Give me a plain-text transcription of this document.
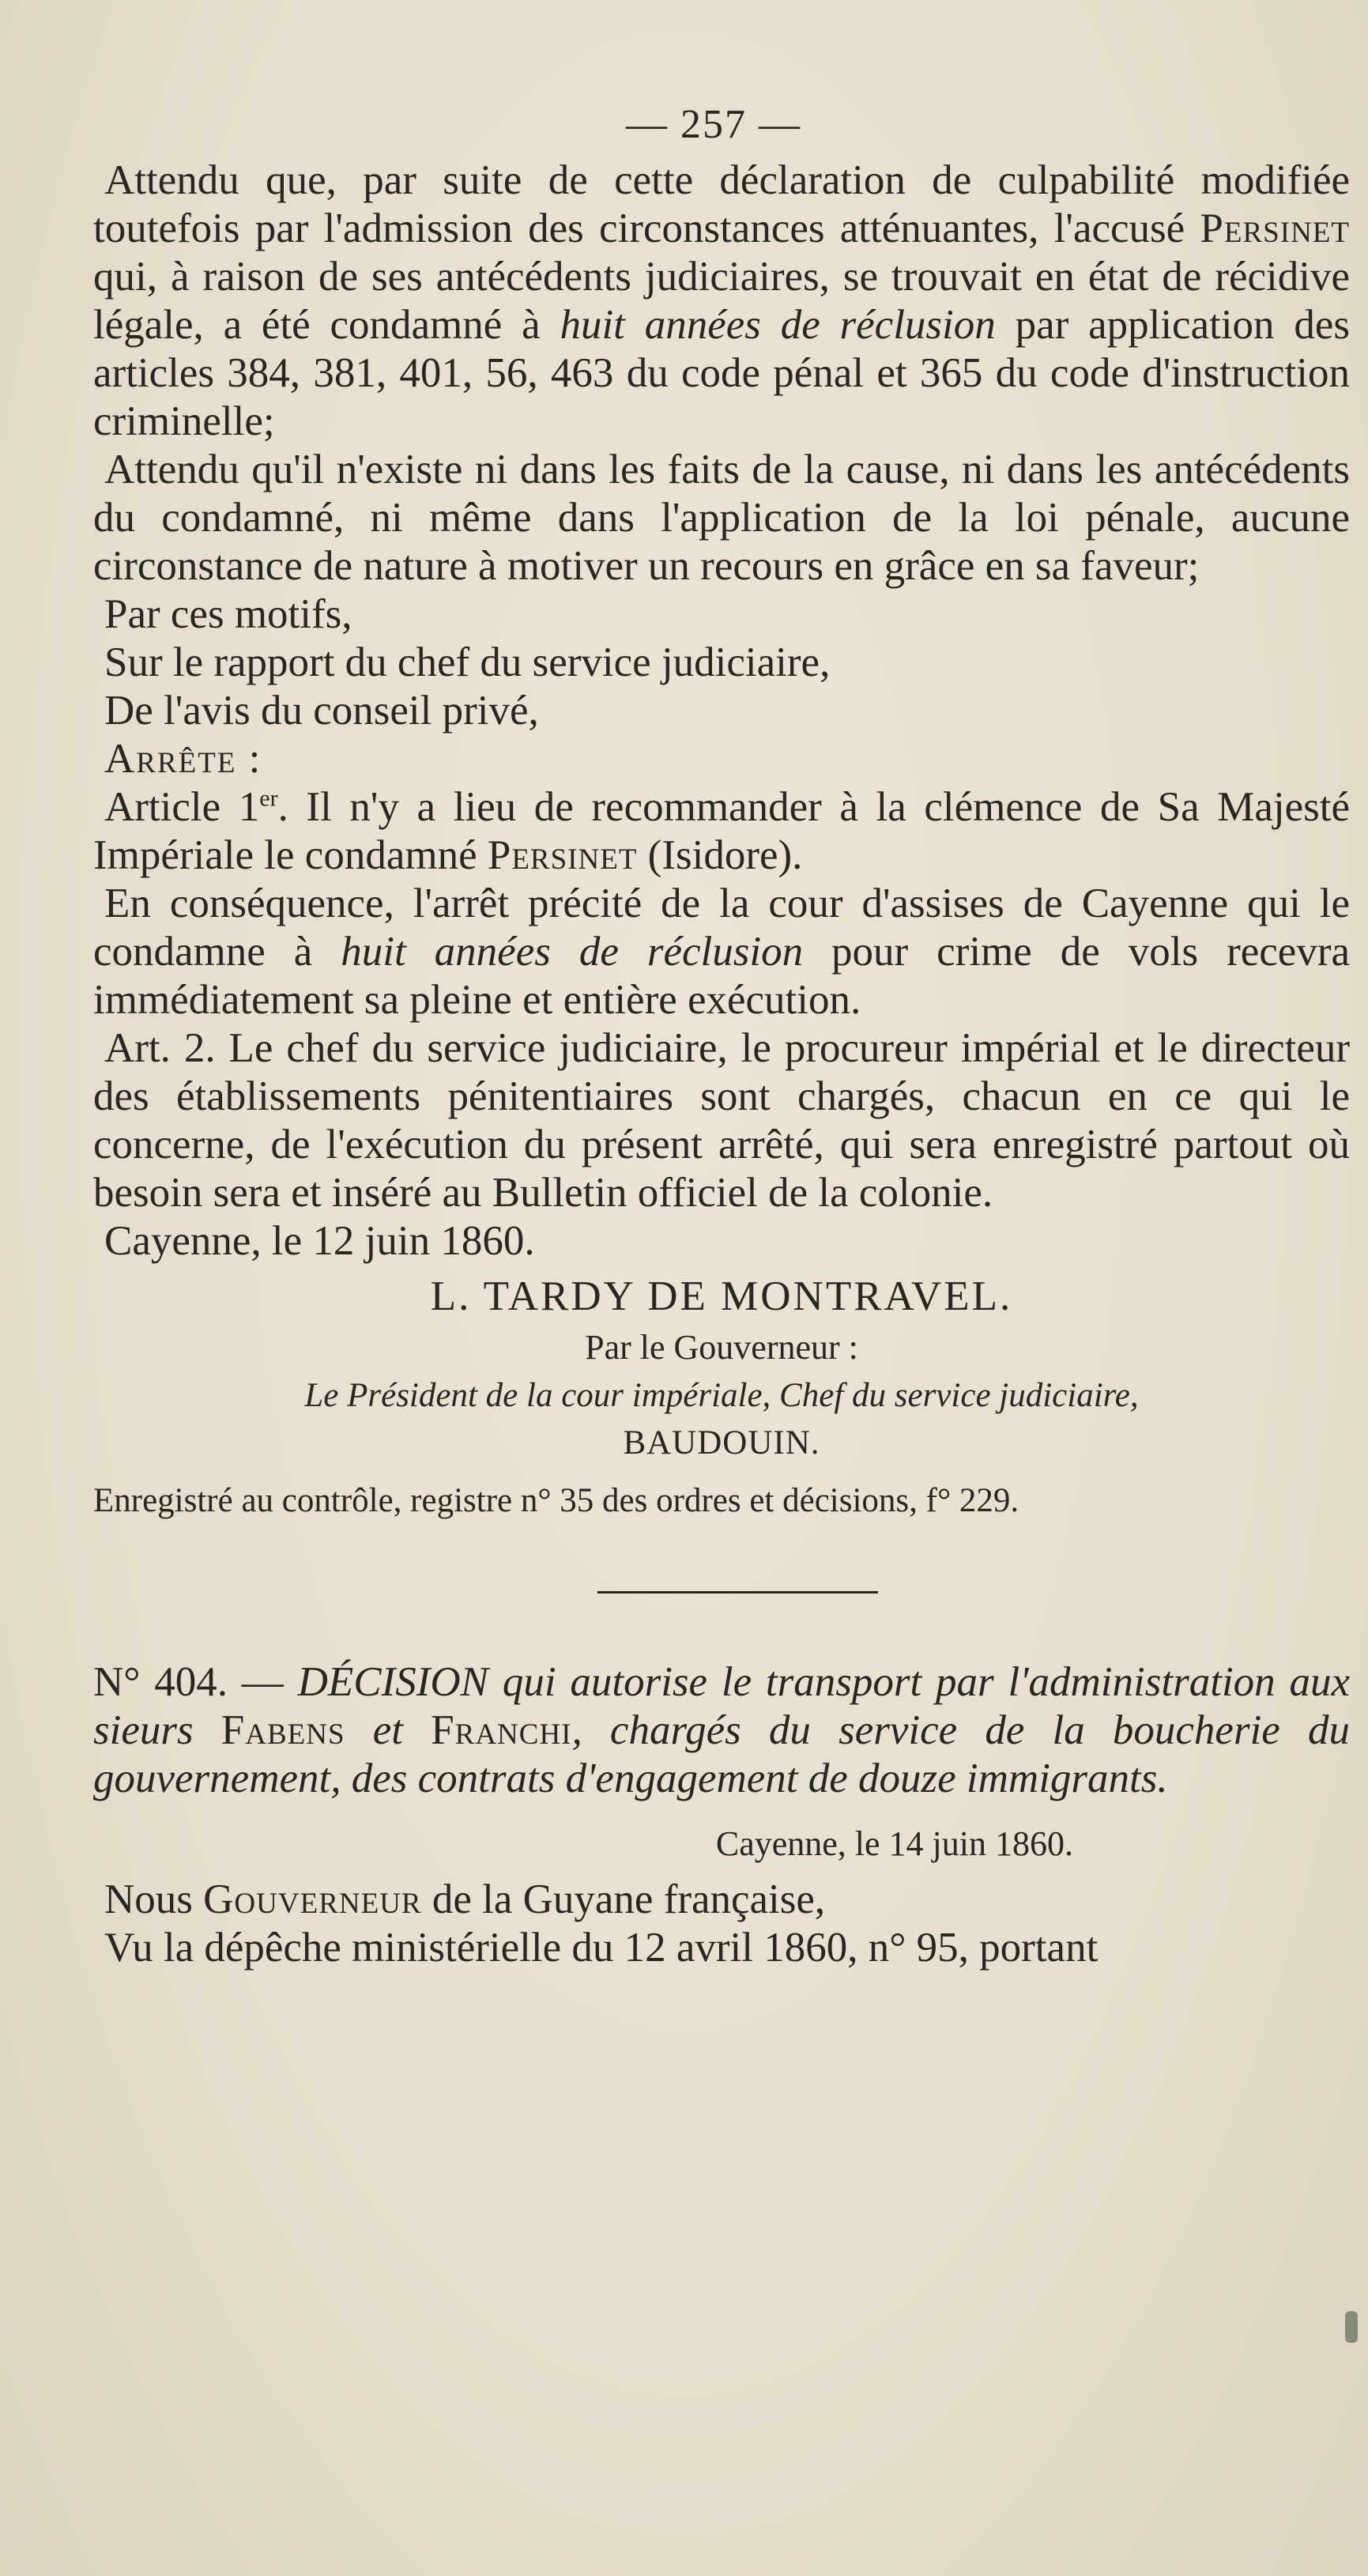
— 257 —

Attendu que, par suite de cette déclaration de culpabilité modifiée toutefois par l'admission des circonstances atténuantes, l'accusé Persinet qui, à raison de ses antécédents judiciaires, se trouvait en état de récidive légale, a été condamné à huit années de réclusion par application des articles 384, 381, 401, 56, 463 du code pénal et 365 du code d'instruction criminelle;

Attendu qu'il n'existe ni dans les faits de la cause, ni dans les antécédents du condamné, ni même dans l'application de la loi pénale, aucune circonstance de nature à motiver un recours en grâce en sa faveur;

Par ces motifs,

Sur le rapport du chef du service judiciaire,

De l'avis du conseil privé,

Arrête :

Article 1er. Il n'y a lieu de recommander à la clémence de Sa Majesté Impériale le condamné Persinet (Isidore).

En conséquence, l'arrêt précité de la cour d'assises de Cayenne qui le condamne à huit années de réclusion pour crime de vols recevra immédiatement sa pleine et entière exécution.

Art. 2. Le chef du service judiciaire, le procureur impérial et le directeur des établissements pénitentiaires sont chargés, chacun en ce qui le concerne, de l'exécution du présent arrêté, qui sera enregistré partout où besoin sera et inséré au Bulletin officiel de la colonie.

Cayenne, le 12 juin 1860.

L. TARDY DE MONTRAVEL.
Par le Gouverneur :
Le Président de la cour impériale, Chef du service judiciaire,
BAUDOUIN.
Enregistré au contrôle, registre n° 35 des ordres et décisions, f° 229.
N° 404. — DÉCISION qui autorise le transport par l'administration aux sieurs Fabens et Franchi, chargés du service de la boucherie du gouvernement, des contrats d'engagement de douze immigrants.
Cayenne, le 14 juin 1860.

Nous Gouverneur de la Guyane française,

Vu la dépêche ministérielle du 12 avril 1860, n° 95, portant
